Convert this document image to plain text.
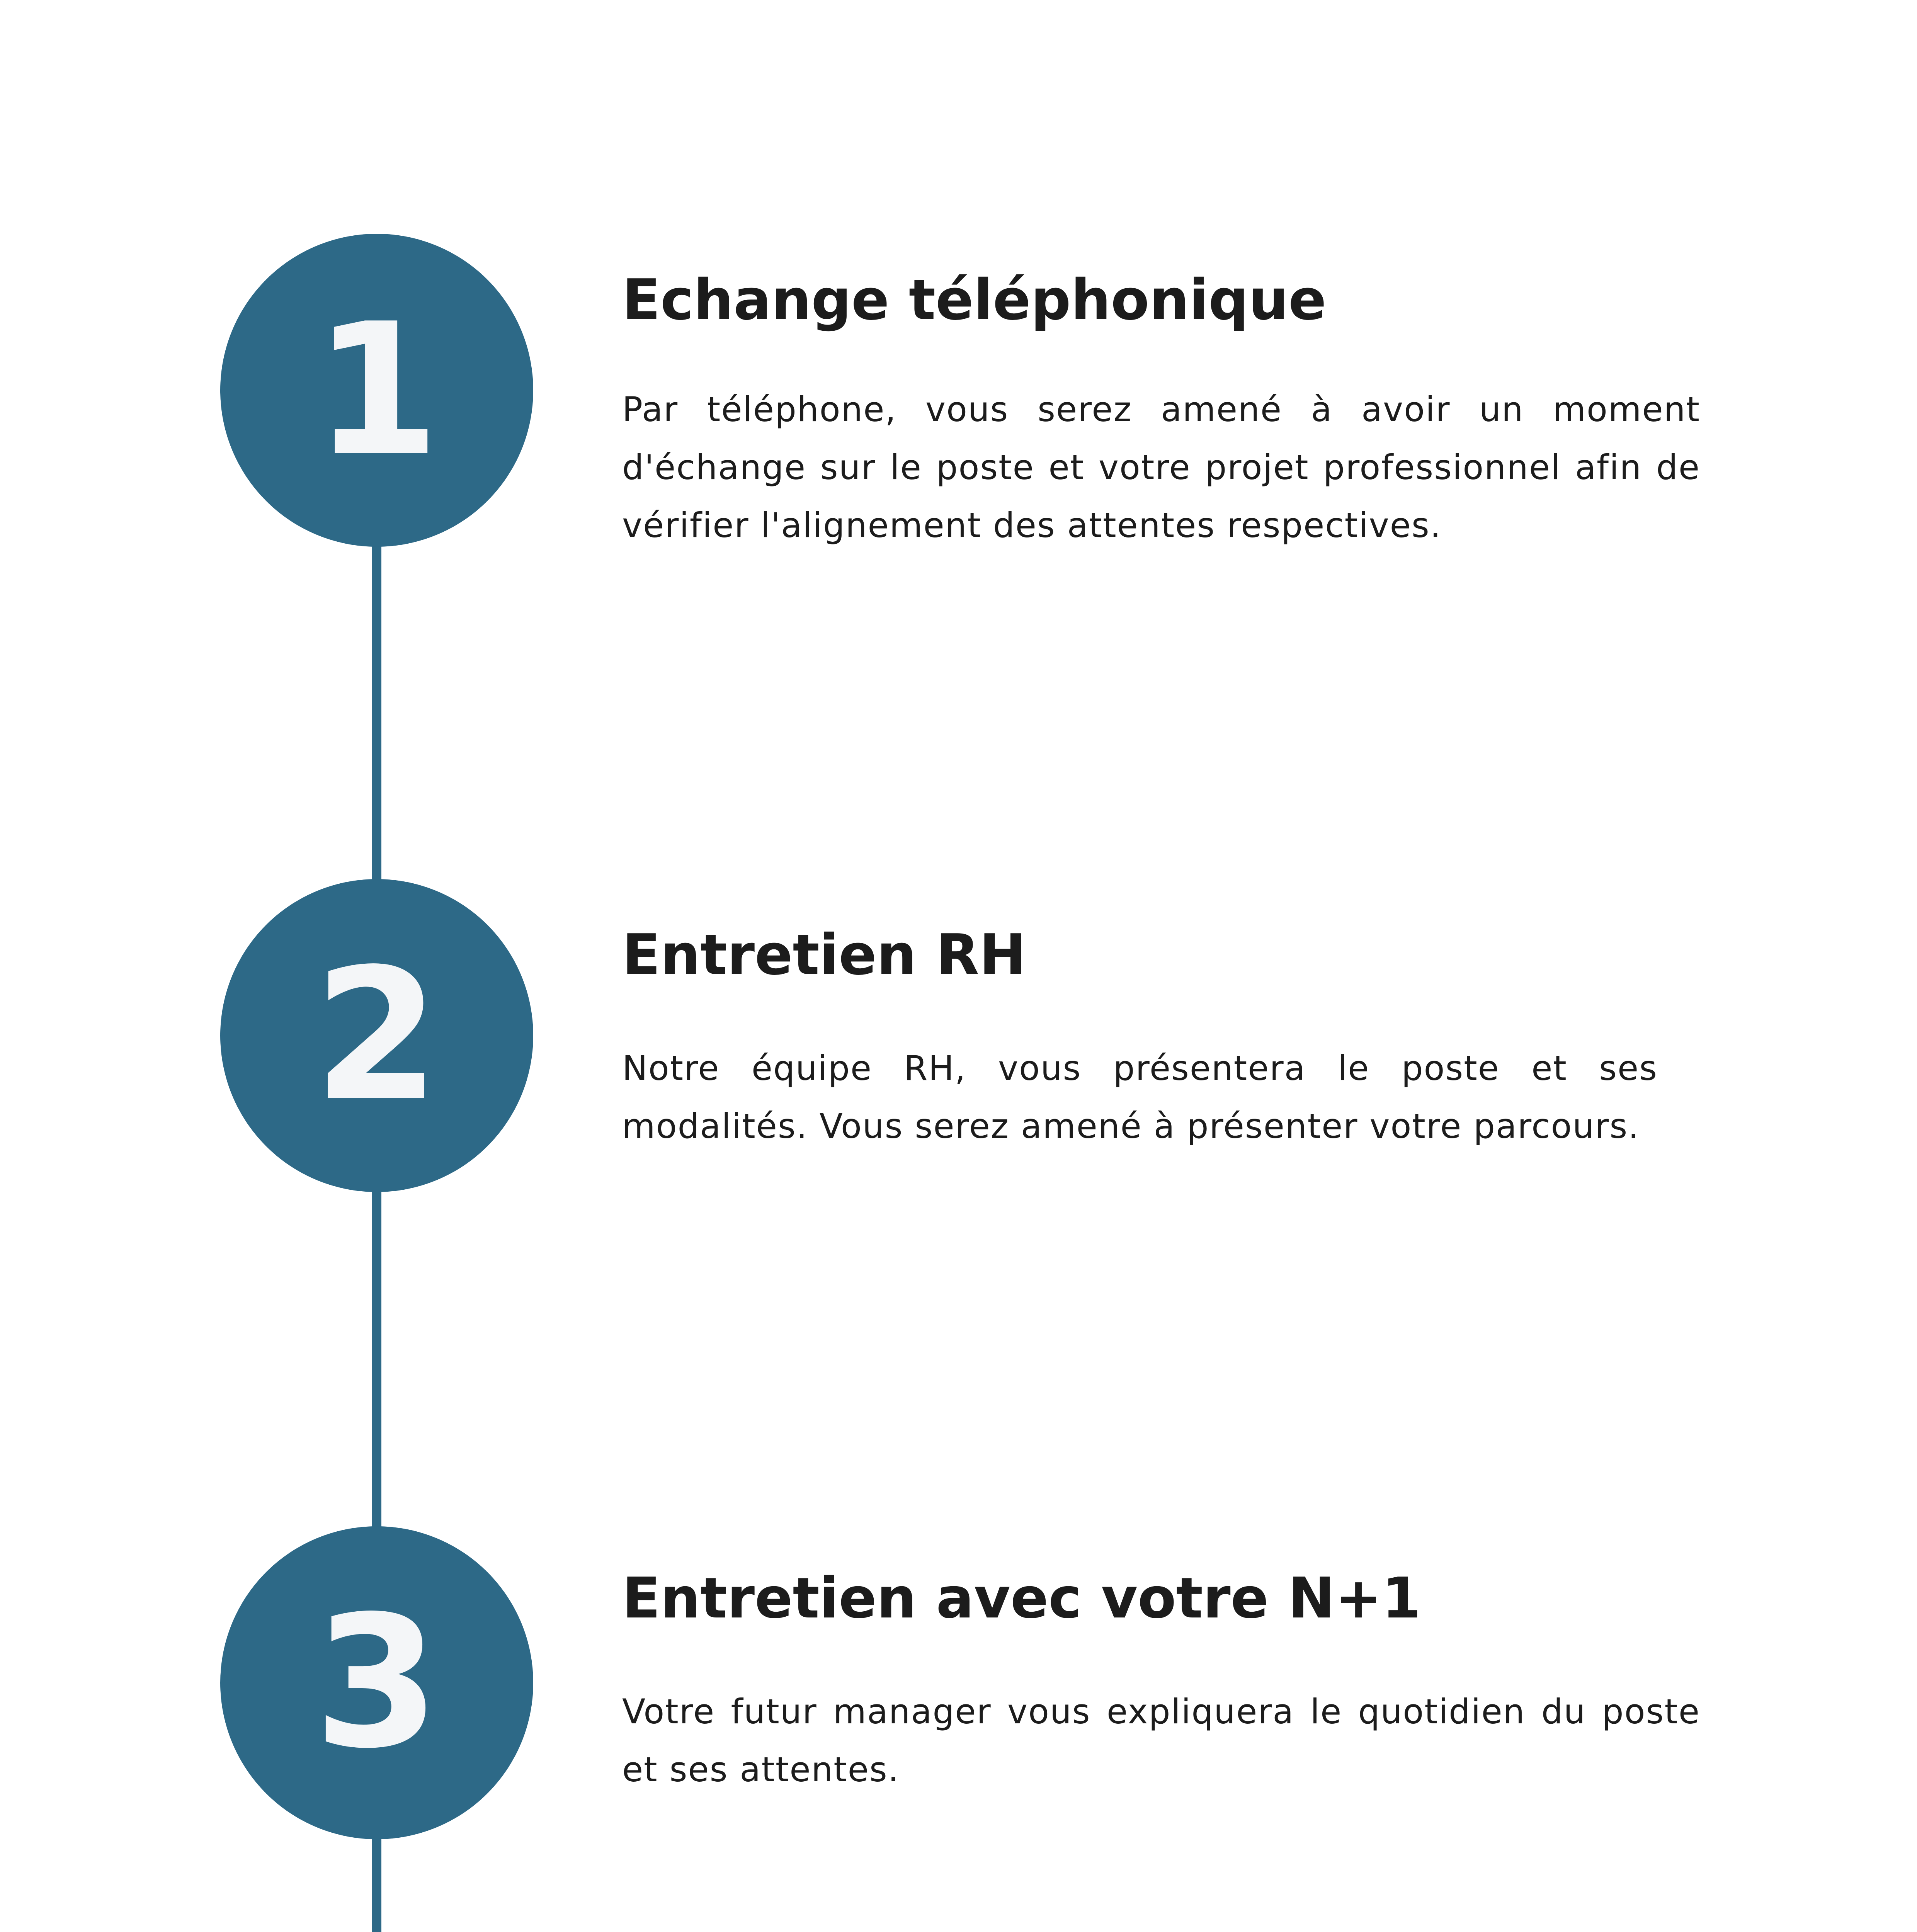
1	Echange téléphonique

Par téléphone, vous serez amené à avoir un moment d'échange sur le poste et votre projet professionnel afin de vérifier l'alignement des attentes respectives.

2	Entretien RH

Notre équipe RH, vous présentera le poste et ses modalités. Vous serez amené à présenter votre parcours.

3	Entretien avec votre N+1

Votre futur manager vous expliquera le quotidien du poste et ses attentes.
